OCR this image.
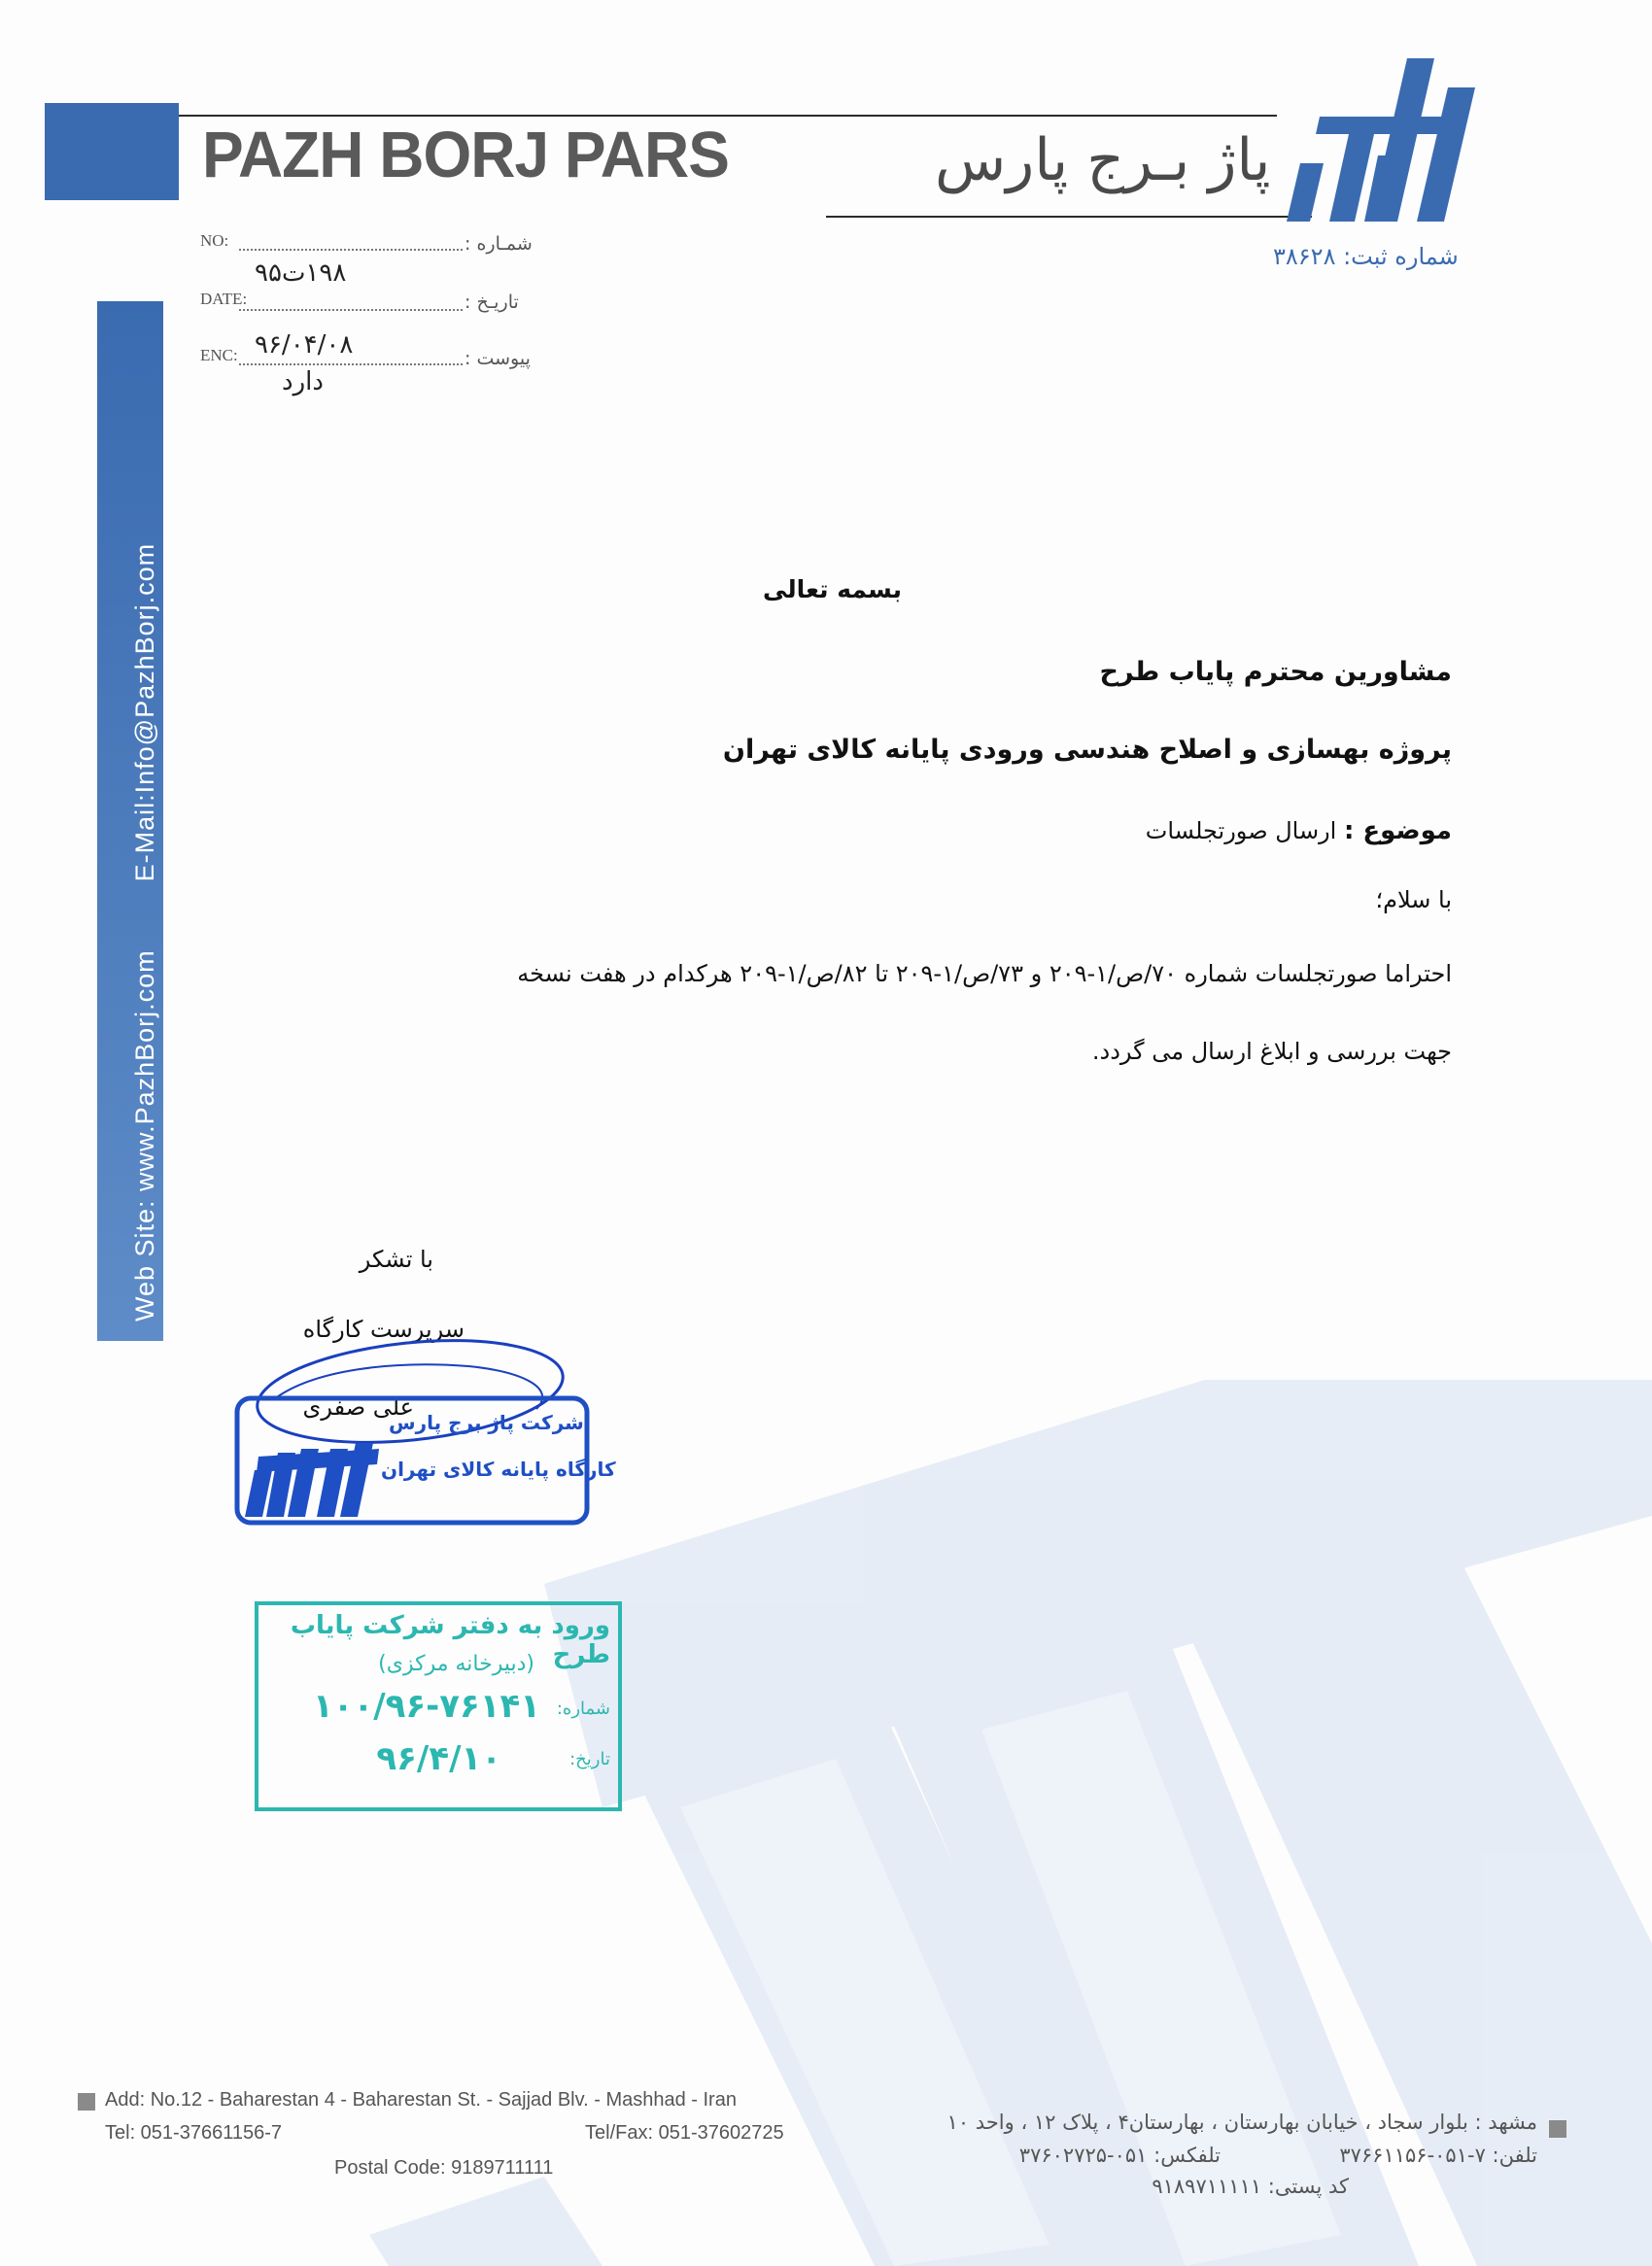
PAZH BORJ PARS	پاژ بـرج پارس
شماره ثبت: ۳۸۶۲۸
Web Site: www.PazhBorj.comE-Mail:Info@PazhBorj.com
NO:	شمـاره :
۱۹۸ت۹۵
DATE:	تاریـخ :
۹۶/۰۴/۰۸
ENC:	پیوست :
دارد
بسمه تعالی
مشاورین محترم پایاب طرح
پروژه بهسازی و اصلاح هندسی ورودی پایانه کالای تهران
موضوع : ارسال صورتجلسات
با سلام؛
احتراما صورتجلسات شماره ۷۰/ص/۱-۲۰۹ و ۷۳/ص/۱-۲۰۹ تا ۸۲/ص/۱-۲۰۹ هرکدام در هفت نسخه
جهت بررسی و ابلاغ ارسال می گردد.
با تشکر
سرپرست کارگاه
علی صفری
شرکت پاژ برج پارس
کارگاه پایانه کالای تهران
ورود به دفتر شرکت پایاب طرح
(دبیرخانه مرکزی)
شماره:
۱۰۰/۹۶-۷۶۱۴۱
تاریخ:
۹۶/۴/۱۰
Add: No.12 - Baharestan 4 - Baharestan St. - Sajjad Blv. - Mashhad - Iran
Tel: 051-37661156-7	Tel/Fax: 051-37602725
Postal Code: 9189711111
مشهد : بلوار سجاد ، خیابان بهارستان ، بهارستان۴ ، پلاک ۱۲ ، واحد ۱۰
تلفن: ۷-۰۵۱-۳۷۶۶۱۱۵۶
تلفکس: ۰۵۱-۳۷۶۰۲۷۲۵
کد پستی: ۹۱۸۹۷۱۱۱۱۱
